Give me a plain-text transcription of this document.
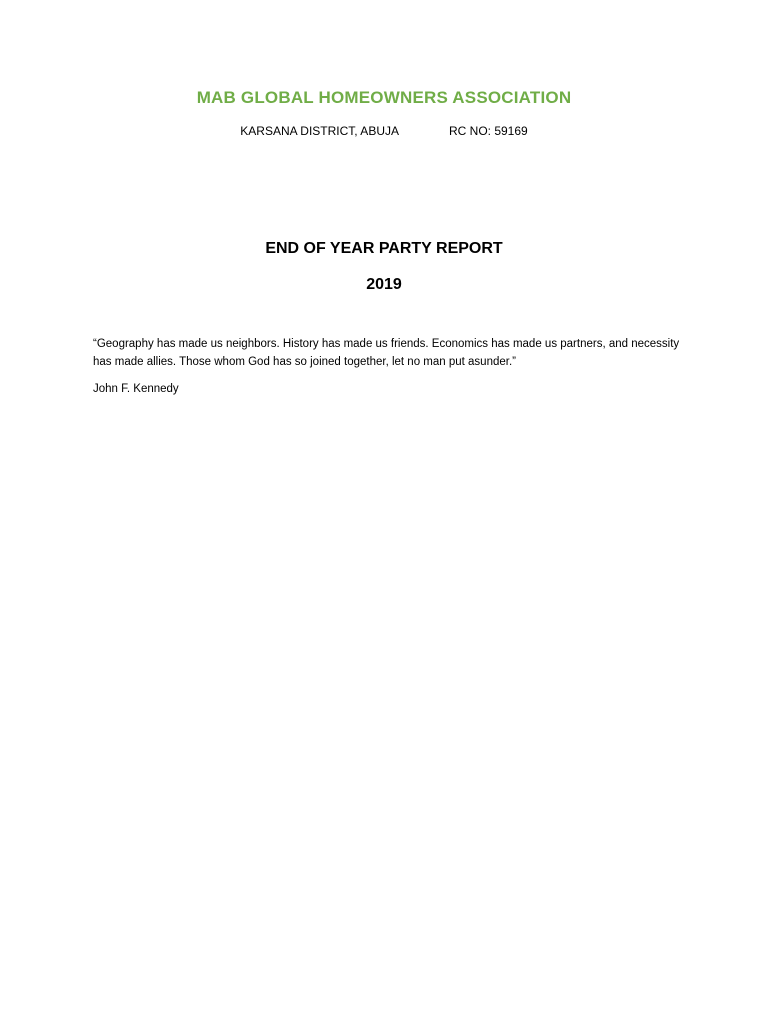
MAB GLOBAL HOMEOWNERS ASSOCIATION
KARSANA DISTRICT, ABUJA	RC NO: 59169
END OF YEAR PARTY REPORT
2019

“Geography has made us neighbors. History has made us friends. Economics has made us partners, and necessity has made allies. Those whom God has so joined together, let no man put asunder.”

John F. Kennedy
